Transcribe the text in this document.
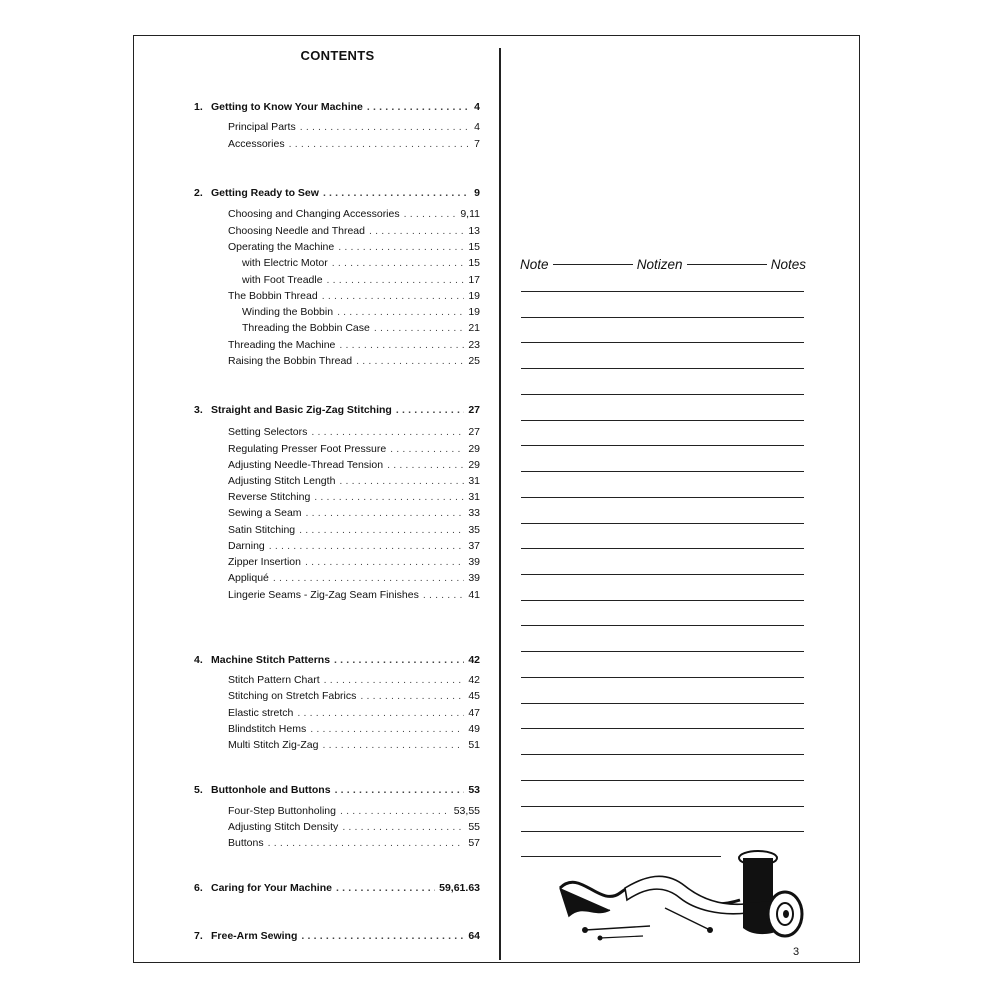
CONTENTS
1. Getting to Know Your Machine .....	4
Principal Parts .....	4
Accessories .....	7
2. Getting Ready to Sew .....	9
Choosing and Changing Accessories .....	9,11
Choosing Needle and Thread .....	13
Operating the Machine .....	15
with Electric Motor .....	15
with Foot Treadle .....	17
The Bobbin Thread .....	19
Winding the Bobbin .....	19
Threading the Bobbin Case .....	21
Threading the Machine .....	23
Raising the Bobbin Thread .....	25
3. Straight and Basic Zig-Zag Stitching .....	27
Setting Selectors .....	27
Regulating Presser Foot Pressure .....	29
Adjusting Needle-Thread Tension .....	29
Adjusting Stitch Length .....	31
Reverse Stitching .....	31
Sewing a Seam .....	33
Satin Stitching .....	35
Darning .....	37
Zipper Insertion .....	39
Appliqué .....	39
Lingerie Seams - Zig-Zag Seam Finishes .....	41
4. Machine Stitch Patterns .....	42
Stitch Pattern Chart .....	42
Stitching on Stretch Fabrics .....	45
Elastic stretch .....	47
Blindstitch Hems .....	49
Multi Stitch Zig-Zag .....	51
5. Buttonhole and Buttons .....	53
Four-Step Buttonholing .....	53,55
Adjusting Stitch Density .....	55
Buttons .....	57
6. Caring for Your Machine .....	59,61.63
7. Free-Arm Sewing .....	64
Note	Notizen	Notes
3
